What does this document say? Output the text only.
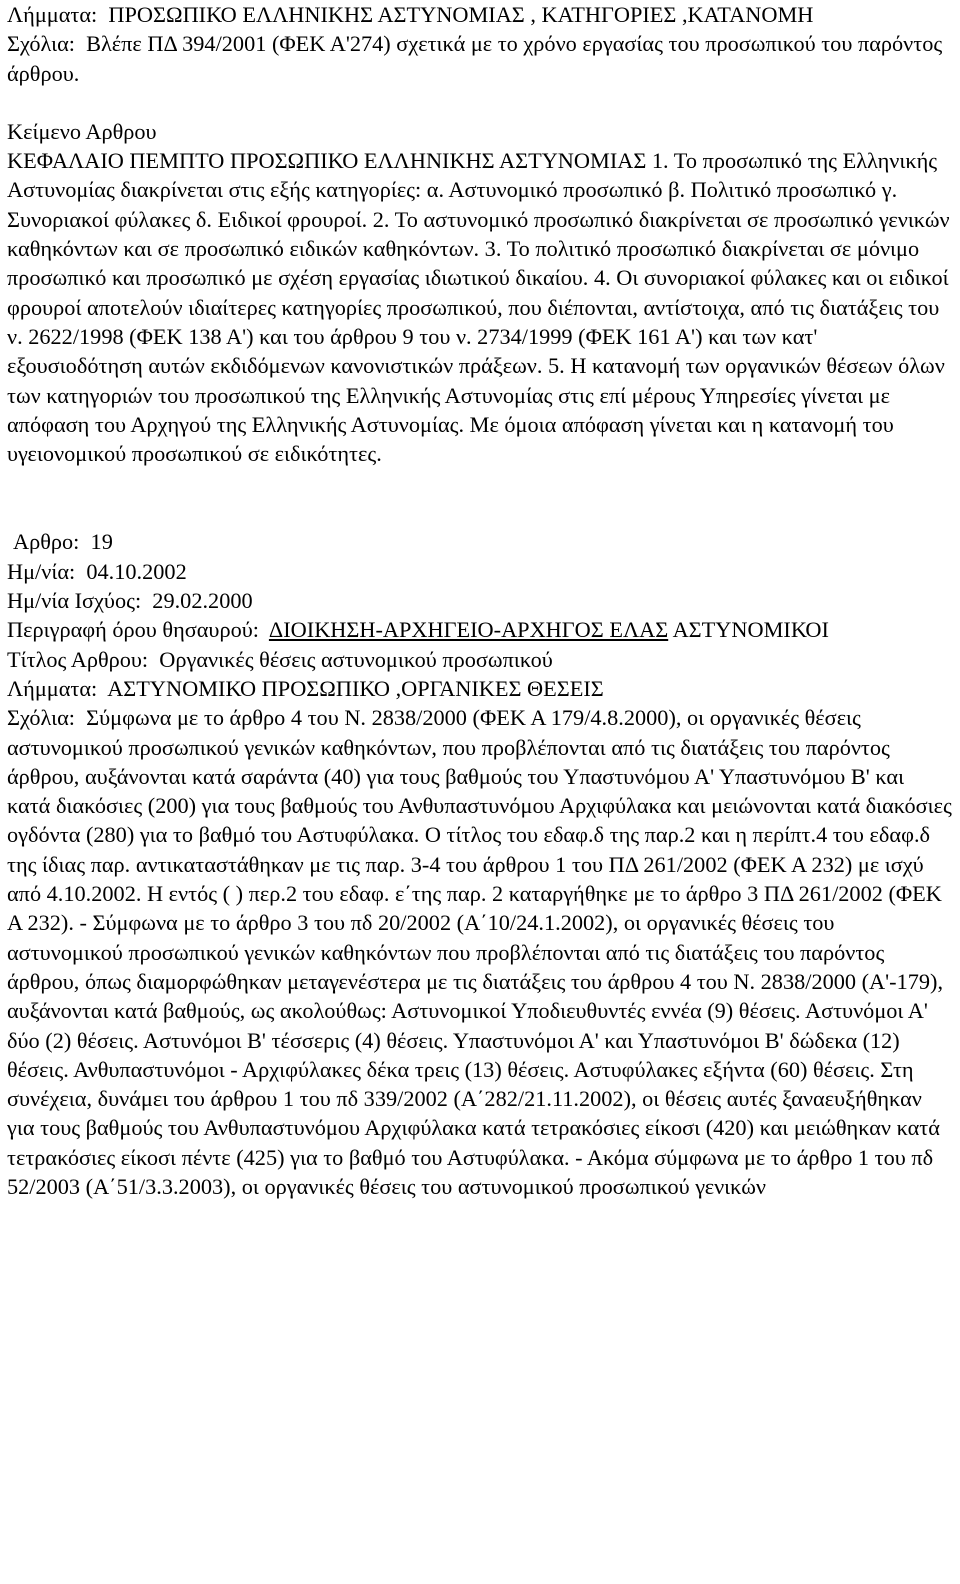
Λήμματα: ΠΡΟΣΩΠΙΚΟ ΕΛΛΗΝΙΚΗΣ ΑΣΤΥΝΟΜΙΑΣ , ΚΑΤΗΓΟΡΙΕΣ ,ΚΑΤΑΝΟΜΗ

Σχόλια: Βλέπε ΠΔ 394/2001 (ΦΕΚ Α'274) σχετικά με το χρόνο εργασίας του προσωπικού του παρόντος άρθρου.

Κείμενο Αρθρου

ΚΕΦΑΛΑΙΟ ΠΕΜΠΤΟ ΠΡΟΣΩΠΙΚΟ ΕΛΛΗΝΙΚΗΣ ΑΣΤΥΝΟΜΙΑΣ 1. Το προσωπικό της Ελληνικής Αστυνομίας διακρίνεται στις εξής κατηγορίες: α. Αστυνομικό προσωπικό β. Πολιτικό προσωπικό γ. Συνοριακοί φύλακες δ. Ειδικοί φρουροί. 2. Το αστυνομικό προσωπικό διακρίνεται σε προσωπικό γενικών καθηκόντων και σε προσωπικό ειδικών καθηκόντων. 3. Το πολιτικό προσωπικό διακρίνεται σε μόνιμο προσωπικό και προσωπικό με σχέση εργασίας ιδιωτικού δικαίου. 4. Οι συνοριακοί φύλακες και οι ειδικοί φρουροί αποτελούν ιδιαίτερες κατηγορίες προσωπικού, που διέπονται, αντίστοιχα, από τις διατάξεις του ν. 2622/1998 (ΦΕΚ 138 Α') και του άρθρου 9 του ν. 2734/1999 (ΦΕΚ 161 Α') και των κατ' εξουσιοδότηση αυτών εκδιδόμενων κανονιστικών πράξεων. 5. Η κατανομή των οργανικών θέσεων όλων των κατηγοριών του προσωπικού της Ελληνικής Αστυνομίας στις επί μέρους Υπηρεσίες γίνεται με απόφαση του Αρχηγού της Ελληνικής Αστυνομίας. Με όμοια απόφαση γίνεται και η κατανομή του υγειονομικού προσωπικού σε ειδικότητες.

Αρθρο: 19

Ημ/νία: 04.10.2002

Ημ/νία Ισχύος: 29.02.2000

Περιγραφή όρου θησαυρού: ΔΙΟΙΚΗΣΗ-ΑΡΧΗΓΕΙΟ-ΑΡΧΗΓΟΣ ΕΛΑΣ ΑΣΤΥΝΟΜΙΚΟΙ

Τίτλος Αρθρου: Οργανικές θέσεις αστυνομικού προσωπικού

Λήμματα: ΑΣΤΥΝΟΜΙΚΟ ΠΡΟΣΩΠΙΚΟ ,ΟΡΓΑΝΙΚΕΣ ΘΕΣΕΙΣ

Σχόλια: Σύμφωνα με το άρθρο 4 του Ν. 2838/2000 (ΦΕΚ Α 179/4.8.2000), οι οργανικές θέσεις αστυνομικού προσωπικού γενικών καθηκόντων, που προβλέπονται από τις διατάξεις του παρόντος άρθρου, αυξάνονται κατά σαράντα (40) για τους βαθμούς του Υπαστυνόμου Α' Υπαστυνόμου Β' και κατά διακόσιες (200) για τους βαθμούς του Ανθυπαστυνόμου Αρχιφύλακα και μειώνονται κατά διακόσιες ογδόντα (280) για το βαθμό του Αστυφύλακα. Ο τίτλος του εδαφ.δ της παρ.2 και η περίπτ.4 του εδαφ.δ της ίδιας παρ. αντικαταστάθηκαν με τις παρ. 3-4 του άρθρου 1 του ΠΔ 261/2002 (ΦΕΚ Α 232) με ισχύ από 4.10.2002. Η εντός ( ) περ.2 του εδαφ. ε΄της παρ. 2 καταργήθηκε με το άρθρο 3 ΠΔ 261/2002 (ΦΕΚ Α 232). - Σύμφωνα με το άρθρο 3 του πδ 20/2002 (Α΄10/24.1.2002), οι οργανικές θέσεις του αστυνομικού προσωπικού γενικών καθηκόντων που προβλέπονται από τις διατάξεις του παρόντος άρθρου, όπως διαμορφώθηκαν μεταγενέστερα με τις διατάξεις του άρθρου 4 του Ν. 2838/2000 (Α'-179), αυξάνονται κατά βαθμούς, ως ακολούθως: Αστυνομικοί Υποδιευθυντές εννέα (9) θέσεις. Αστυνόμοι Α' δύο (2) θέσεις. Αστυνόμοι Β' τέσσερις (4) θέσεις. Υπαστυνόμοι Α' και Υπαστυνόμοι Β' δώδεκα (12) θέσεις. Ανθυπαστυνόμοι - Αρχιφύλακες δέκα τρεις (13) θέσεις. Αστυφύλακες εξήντα (60) θέσεις. Στη συνέχεια, δυνάμει του άρθρου 1 του πδ 339/2002 (Α΄282/21.11.2002), οι θέσεις αυτές ξαναευξήθηκαν για τους βαθμούς του Ανθυπαστυνόμου Αρχιφύλακα κατά τετρακόσιες είκοσι (420) και μειώθηκαν κατά τετρακόσιες είκοσι πέντε (425) για το βαθμό του Αστυφύλακα. - Ακόμα σύμφωνα με το άρθρο 1 του πδ 52/2003 (Α΄51/3.3.2003), οι οργανικές θέσεις του αστυνομικού προσωπικού γενικών
